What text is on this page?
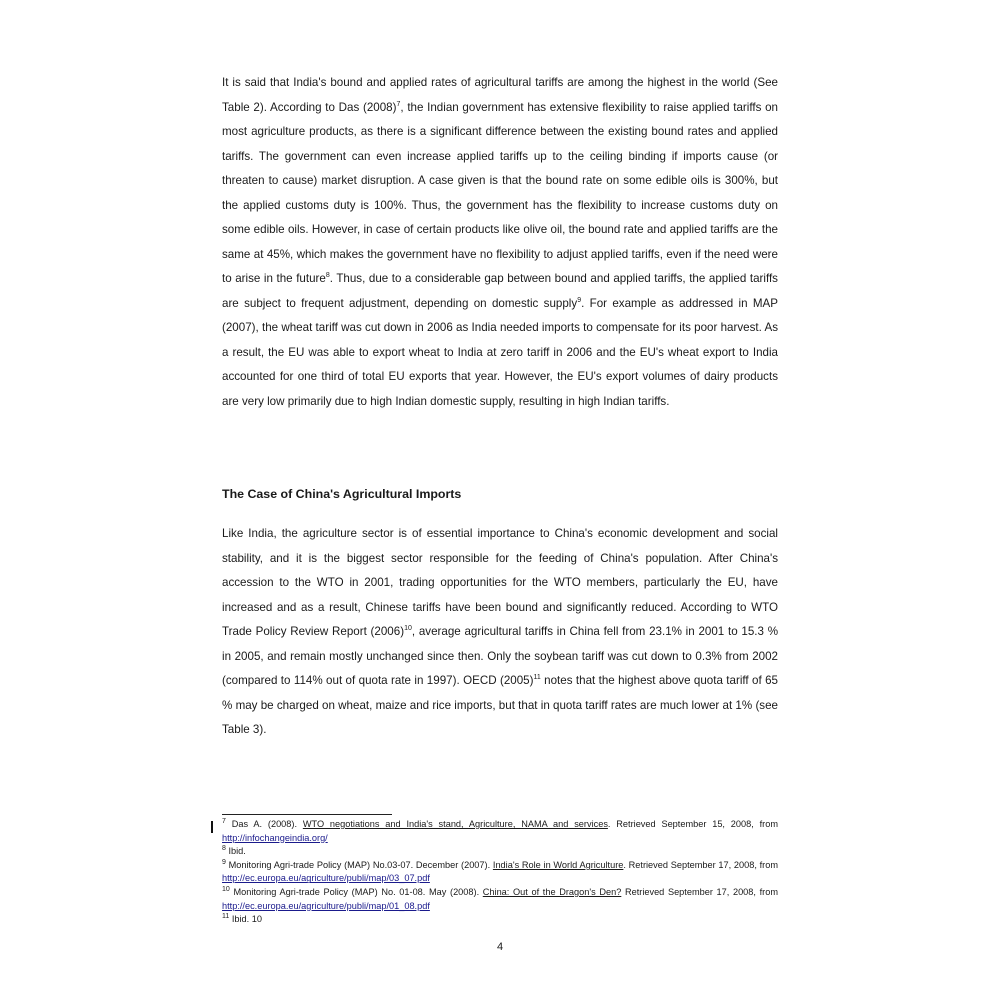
It is said that India's bound and applied rates of agricultural tariffs are among the highest in the world (See Table 2). According to Das $(2008)^7$, the Indian government has extensive flexibility to raise applied tariffs on most agriculture products, as there is a significant difference between the existing bound rates and applied tariffs. The government can even increase applied tariffs up to the ceiling binding if imports cause (or threaten to cause) market disruption. A case given is that the bound rate on some edible oils is 300%, but the applied customs duty is 100%. Thus, the government has the flexibility to increase customs duty on some edible oils. However, in case of certain products like olive oil, the bound rate and applied tariffs are the same at 45%, which makes the government have no flexibility to adjust applied tariffs, even if the need were to arise in the future$^8$. Thus, due to a considerable gap between bound and applied tariffs, the applied tariffs are subject to frequent adjustment, depending on domestic supply$^9$. For example as addressed in MAP (2007), the wheat tariff was cut down in 2006 as India needed imports to compensate for its poor harvest. As a result, the EU was able to export wheat to India at zero tariff in 2006 and the EU's wheat export to India accounted for one third of total EU exports that year. However, the EU's export volumes of dairy products are very low primarily due to high Indian domestic supply, resulting in high Indian tariffs.

The Case of China's Agricultural Imports

Like India, the agriculture sector is of essential importance to China's economic development and social stability, and it is the biggest sector responsible for the feeding of China's population. After China's accession to the WTO in 2001, trading opportunities for the WTO members, particularly the EU, have increased and as a result, Chinese tariffs have been bound and significantly reduced. According to WTO Trade Policy Review Report $(2006)^{10}$, average agricultural tariffs in China fell from 23.1% in 2001 to 15.3 % in 2005, and remain mostly unchanged since then. Only the soybean tariff was cut down to 0.3% from 2002 (compared to 114% out of quota rate in 1997). OECD $(2005)^{11}$ notes that the highest above quota tariff of 65 % may be charged on wheat, maize and rice imports, but that in quota tariff rates are much lower at 1% (see Table 3).

$^7$ Das A. (2008). WTO negotiations and India's stand, Agriculture, NAMA and services. Retrieved September 15, 2008, from http://infochangeindia.org/

$^8$ Ibid.

$^9$ Monitoring Agri-trade Policy (MAP) No.03-07. December (2007). India's Role in World Agriculture. Retrieved September 17, 2008, from http://ec.europa.eu/agriculture/publi/map/03_07.pdf

$^{10}$ Monitoring Agri-trade Policy (MAP) No. 01-08. May (2008). China: Out of the Dragon's Den? Retrieved September 17, 2008, from http://ec.europa.eu/agriculture/publi/map/01_08.pdf

$^{11}$ Ibid. 10

4
